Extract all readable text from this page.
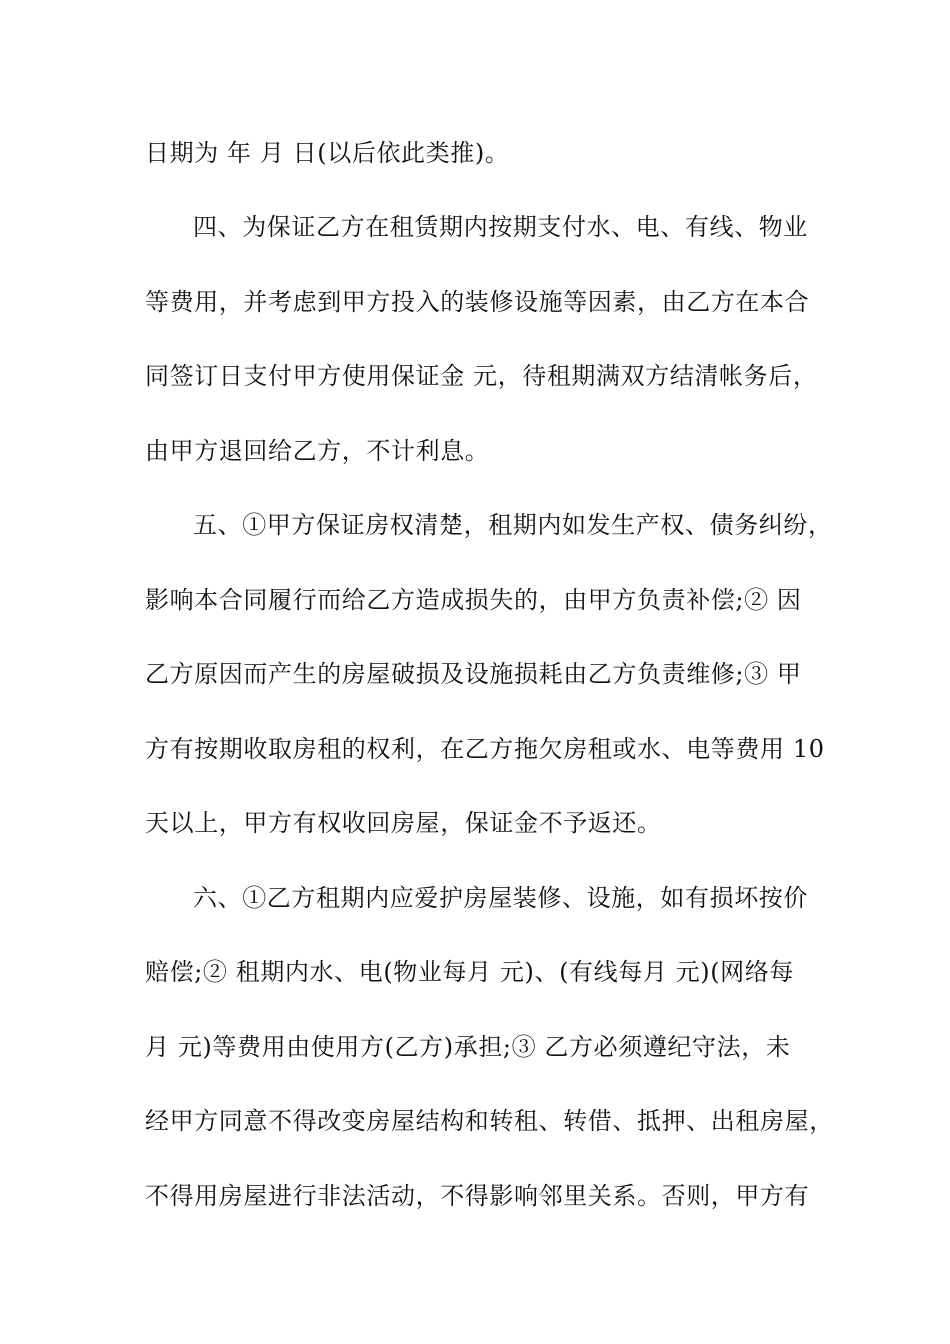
日期为 年 月 日(以后依此类推)。
四、为保证乙方在租赁期内按期支付水、电、有线、物业
等费用，并考虑到甲方投入的装修设施等因素，由乙方在本合
同签订日支付甲方使用保证金 元，待租期满双方结清帐务后，
由甲方退回给乙方，不计利息。
五、①甲方保证房权清楚，租期内如发生产权、债务纠纷，
影响本合同履行而给乙方造成损失的，由甲方负责补偿;② 因
乙方原因而产生的房屋破损及设施损耗由乙方负责维修;③ 甲
方有按期收取房租的权利，在乙方拖欠房租或水、电等费用 10
天以上，甲方有权收回房屋，保证金不予返还。
六、①乙方租期内应爱护房屋装修、设施，如有损坏按价
赔偿;② 租期内水、电(物业每月 元)、(有线每月 元)(网络每
月 元)等费用由使用方(乙方)承担;③ 乙方必须遵纪守法，未
经甲方同意不得改变房屋结构和转租、转借、抵押、出租房屋，
不得用房屋进行非法活动，不得影响邻里关系。否则，甲方有
